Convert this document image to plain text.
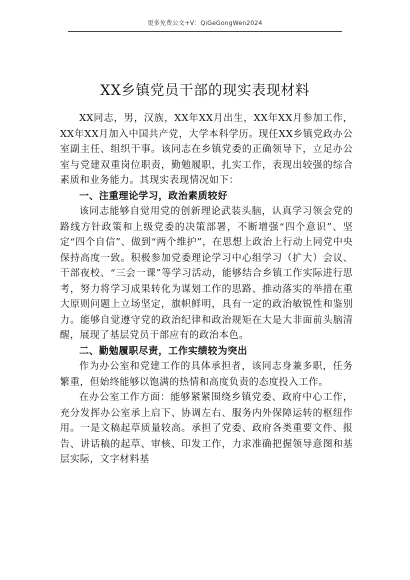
更多免费公文+V：QiGeGongWen2024
XX乡镇党员干部的现实表现材料

XX同志，男，汉族，XX年XX月出生，XX年XX月参加工作，XX年XX月加入中国共产党，大学本科学历。现任XX乡镇党政办公室副主任、组织干事。该同志在乡镇党委的正确领导下，立足办公室与党建双重岗位职责，勤勉履职，扎实工作，表现出较强的综合素质和业务能力。其现实表现情况如下：

一、注重理论学习，政治素质较好

该同志能够自觉用党的创新理论武装头脑，认真学习领会党的路线方针政策和上级党委的决策部署，不断增强“四个意识”、坚定“四个自信”、做到“两个维护”，在思想上政治上行动上同党中央保持高度一致。积极参加党委理论学习中心组学习（扩大）会议、干部夜校、“三会一课”等学习活动，能够结合乡镇工作实际进行思考，努力将学习成果转化为谋划工作的思路、推动落实的举措在重大原则问题上立场坚定，旗帜鲜明，具有一定的政治敏锐性和鉴别力。能够自觉遵守党的政治纪律和政治规矩在大是大非面前头脑清醒，展现了基层党员干部应有的政治本色。

二、勤勉履职尽责，工作实绩较为突出

作为办公室和党建工作的具体承担者，该同志身兼多职，任务繁重，但始终能够以饱满的热情和高度负责的态度投入工作。

在办公室工作方面：能够紧紧围绕乡镇党委、政府中心工作，充分发挥办公室承上启下、协调左右、服务内外保障运转的枢纽作用。一是文稿起草质量较高。承担了党委、政府各类重要文件、报告、讲话稿的起草、审核、印发工作，力求准确把握领导意图和基层实际，文字材料基
